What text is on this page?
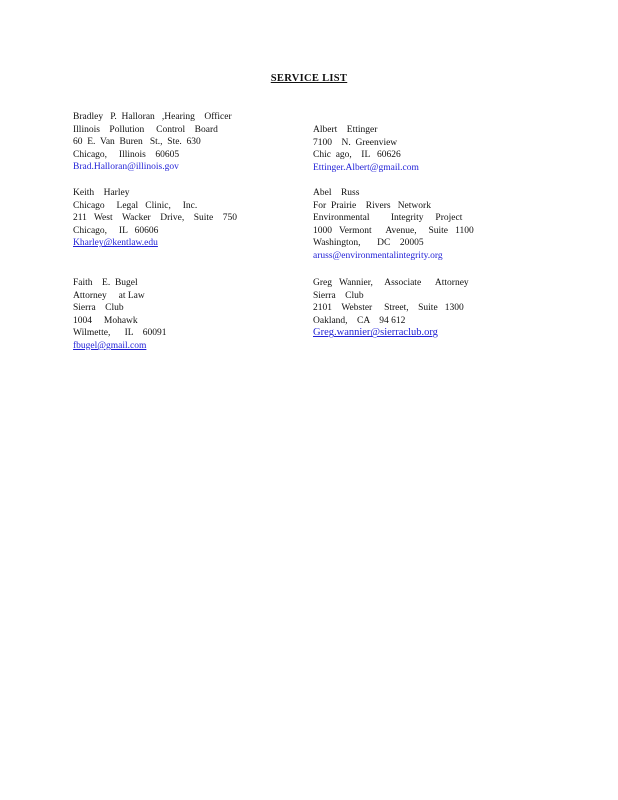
SERVICE LIST
Bradley   P.  Halloran   ,Hearing    Officer
Illinois    Pollution     Control    Board
60  E.  Van  Buren   St.,  Ste.  630
Chicago,     Illinois    60605
Brad.Halloran@illinois.gov
Albert    Ettinger
7100    N.  Greenview
Chic  ago,    IL   60626
Ettinger.Albert@gmail.com
Keith    Harley
Chicago     Legal   Clinic,     Inc.
211   West    Wacker    Drive,    Suite    750
Chicago,     IL   60606
Kharley@kentlaw.edu
Abel    Russ
For  Prairie    Rivers   Network
Environmental         Integrity     Project
1000   Vermont      Avenue,     Suite   1100
Washington,       DC    20005
aruss@environmentalintegrity.org
Faith    E.  Bugel
Attorney     at Law
Sierra    Club
1004     Mohawk
Wilmette,      IL    60091
fbugel@gmail.com
Greg   Wannier,     Associate      Attorney
Sierra    Club
2101    Webster     Street,    Suite   1300
Oakland,    CA    94 612
Greg.wannier@sierraclub.org
